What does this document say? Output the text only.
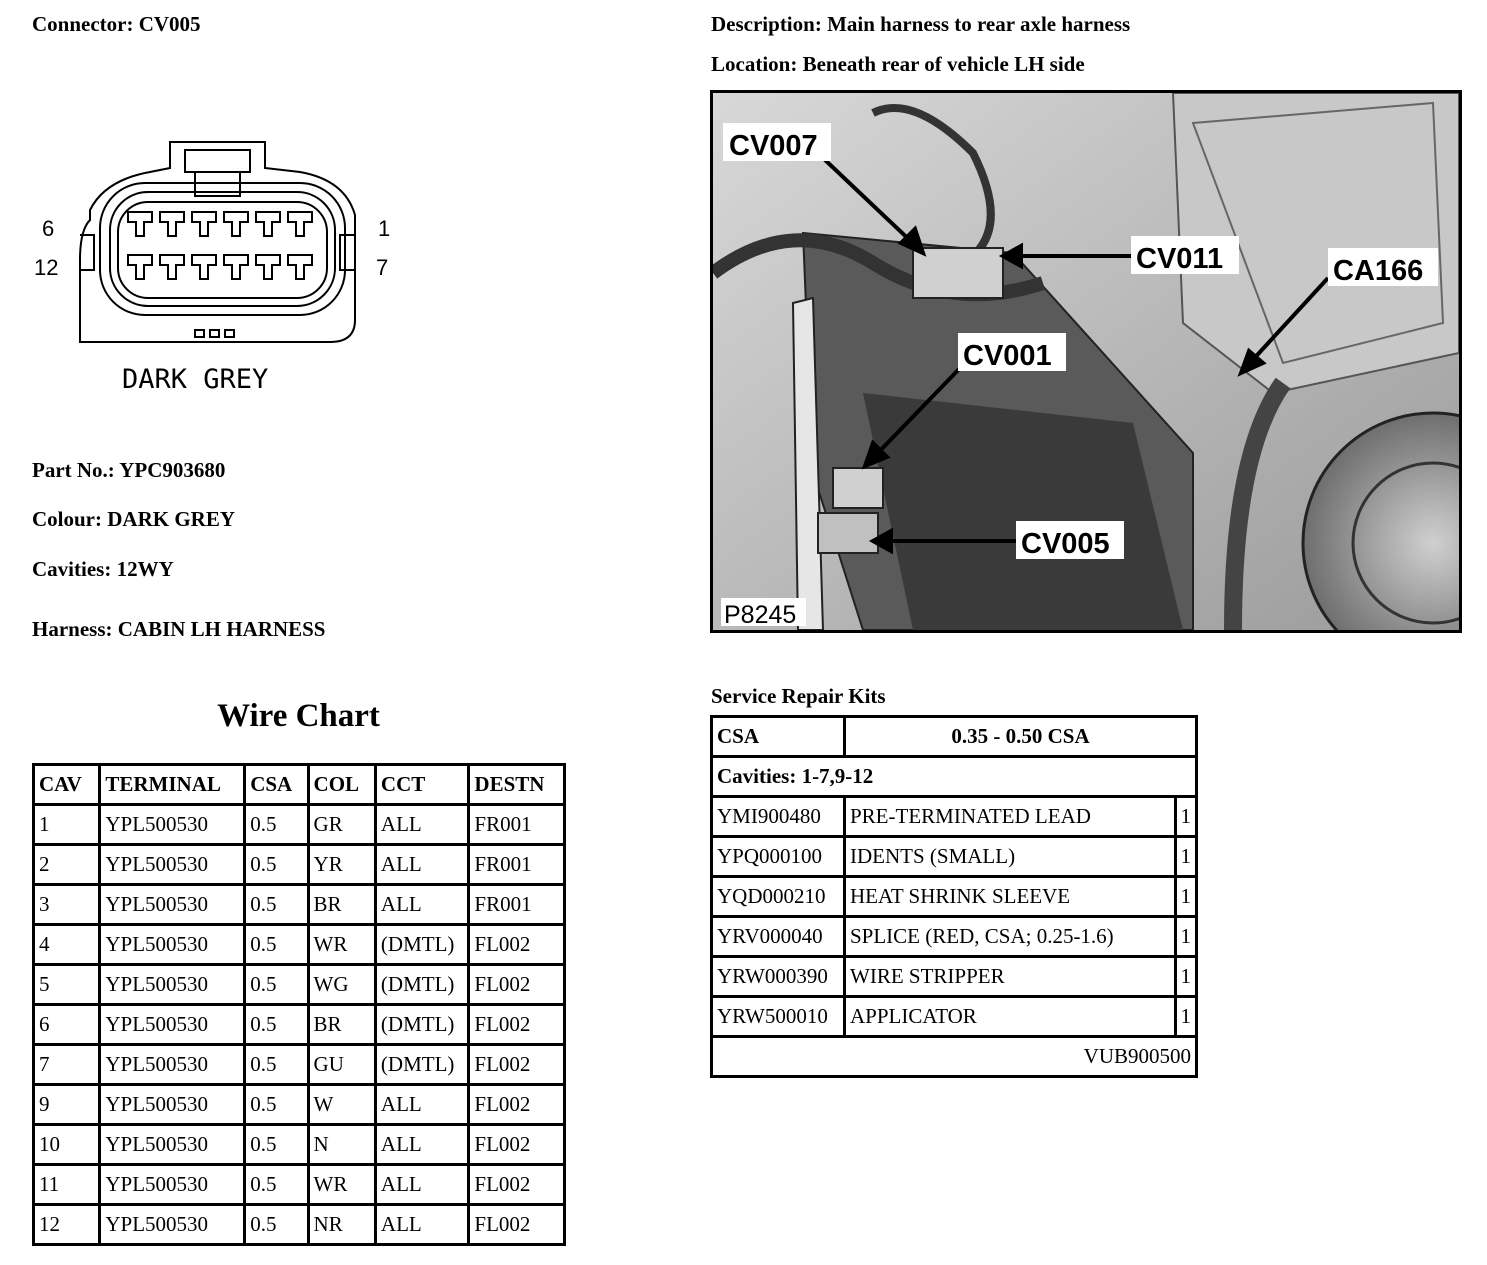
Connector: CV005	Description: Main harness to rear axle harness
Location: Beneath rear of vehicle LH side
6
12
1
7
DARK GREY
Part No.: YPC903680
Colour: DARK GREY
Cavities: 12WY
Harness: CABIN LH HARNESS
CV007
CV011	CA166
CV001
CV005
P8245
Wire Chart
CAV	TERMINAL	CSA	COL	CCT	DESTN
1	YPL500530	0.5	GR	ALL	FR001
2	YPL500530	0.5	YR	ALL	FR001
3	YPL500530	0.5	BR	ALL	FR001
4	YPL500530	0.5	WR	(DMTL)	FL002
5	YPL500530	0.5	WG	(DMTL)	FL002
6	YPL500530	0.5	BR	(DMTL)	FL002
7	YPL500530	0.5	GU	(DMTL)	FL002
9	YPL500530	0.5	W	ALL	FL002
10	YPL500530	0.5	N	ALL	FL002
11	YPL500530	0.5	WR	ALL	FL002
12	YPL500530	0.5	NR	ALL	FL002
Service Repair Kits
CSA	0.35 - 0.50 CSA	
Cavities: 1-7,9-12		
YMI900480	PRE-TERMINATED LEAD	1
YPQ000100	IDENTS (SMALL)	1
YQD000210	HEAT SHRINK SLEEVE	1
YRV000040	SPLICE (RED, CSA; 0.25-1.6)	1
YRW000390	WIRE STRIPPER	1
YRW500010	APPLICATOR	1
VUB900500		
